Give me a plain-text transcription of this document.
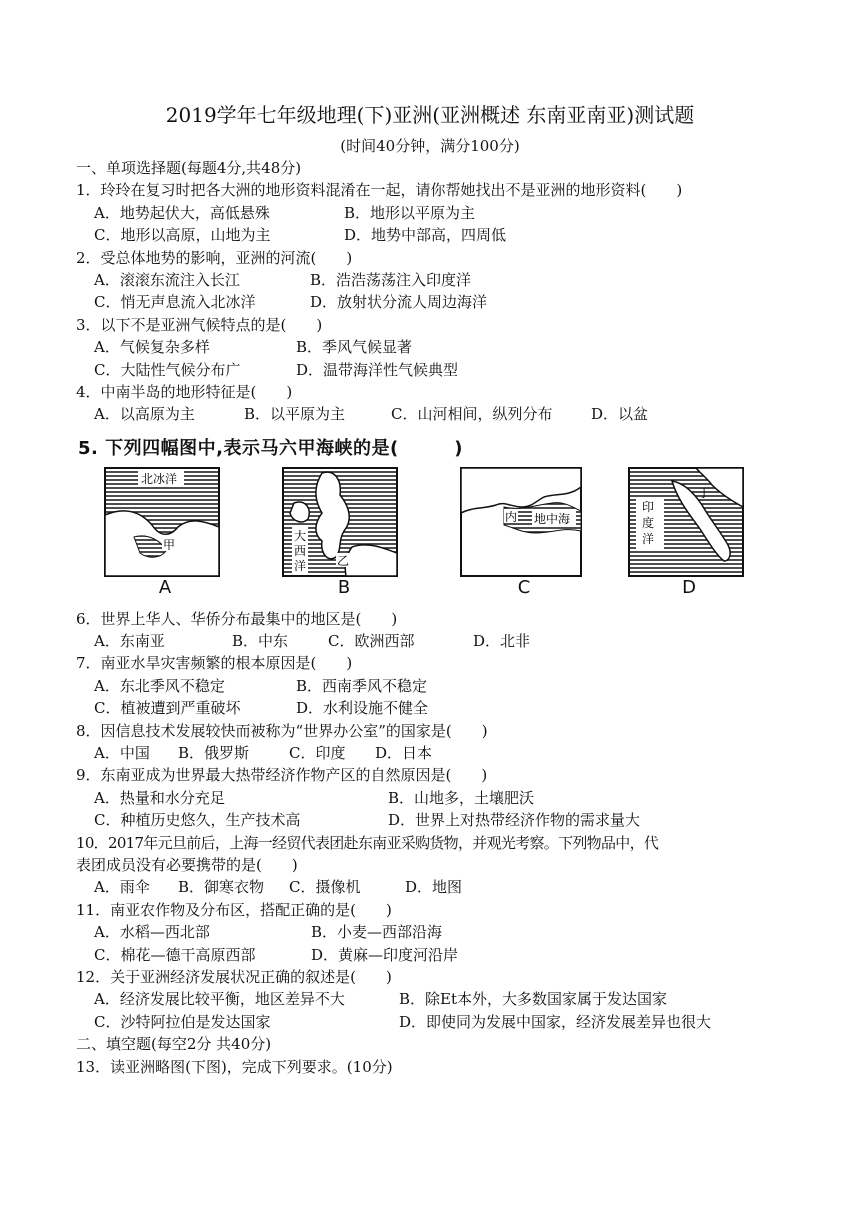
2019学年七年级地理(下)亚洲(亚洲概述 东南亚南亚)测试题
(时间40分钟，满分100分)
一、单项选择题(每题4分,共48分)
1．玲玲在复习时把各大洲的地形资料混淆在一起，请你帮她找出不是亚洲的地形资料(　　)
A．地势起伏大，高低悬殊	B．地形以平原为主
C．地形以高原，山地为主	D．地势中部高，四周低
2．受总体地势的影响，亚洲的河流(　　)
A．滚滚东流注入长江	B．浩浩荡荡注入印度洋
C．悄无声息流入北冰洋	D．放射状分流人周边海洋
3．以下不是亚洲气候特点的是(　　)
A．气候复杂多样	B．季风气候显著
C．大陆性气候分布广	D．温带海洋性气候典型
4．中南半岛的地形特征是(　　)
A．以高原为主	B．以平原为主	C．山河相间，纵列分布	D．以盆
5. 下列四幅图中,表示马六甲海峡的是(　　　)
北冰洋
甲
大
西
洋	乙
地中海
内
印
度
洋
丁
A	B	C	D
6．世界上华人、华侨分布最集中的地区是(　　)
A．东南亚	B．中东	C．欧洲西部	D．北非
7．南亚水旱灾害频繁的根本原因是(　　)
A．东北季风不稳定	B．西南季风不稳定
C．植被遭到严重破坏	D．水利设施不健全
8．因信息技术发展较快而被称为“世界办公室”的国家是(　　)
A．中国 B．俄罗斯	C．印度 D．日本
9．东南亚成为世界最大热带经济作物产区的自然原因是(　　)
A．热量和水分充足	B．山地多，土壤肥沃
C．种植历史悠久，生产技术高	D．世界上对热带经济作物的需求量大
10．2017年元旦前后，上海一经贸代表团赴东南亚采购货物，并观光考察。下列物品中，代
表团成员没有必要携带的是(　　)
A．雨伞 B．御寒衣物 C．摄像机	D．地图
11．南亚农作物及分布区，搭配正确的是(　　)
A．水稻—西北部	B．小麦—西部沿海
C．棉花—德干高原西部	D．黄麻—印度河沿岸
12．关于亚洲经济发展状况正确的叙述是(　　)
A．经济发展比较平衡，地区差异不大	B．除Et本外，大多数国家属于发达国家
C．沙特阿拉伯是发达国家	D．即使同为发展中国家，经济发展差异也很大
二、填空题(每空2分 共40分)
13．读亚洲略图(下图)，完成下列要求。(10分)
